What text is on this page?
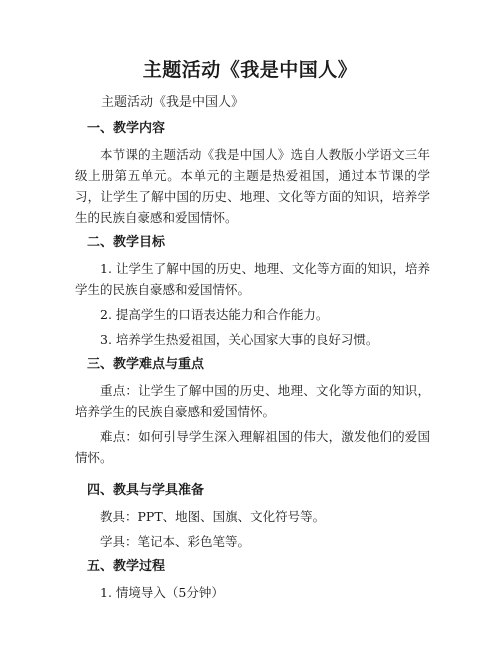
主题活动《我是中国人》
主题活动《我是中国人》
一、教学内容
本节课的主题活动《我是中国人》选自人教版小学语文三年级上册第五单元。本单元的主题是热爱祖国，通过本节课的学习，让学生了解中国的历史、地理、文化等方面的知识，培养学生的民族自豪感和爱国情怀。
二、教学目标
1. 让学生了解中国的历史、地理、文化等方面的知识，培养学生的民族自豪感和爱国情怀。
2. 提高学生的口语表达能力和合作能力。
3. 培养学生热爱祖国，关心国家大事的良好习惯。
三、教学难点与重点
重点：让学生了解中国的历史、地理、文化等方面的知识，培养学生的民族自豪感和爱国情怀。
难点：如何引导学生深入理解祖国的伟大，激发他们的爱国情怀。
四、教具与学具准备
教具：PPT、地图、国旗、文化符号等。
学具：笔记本、彩色笔等。
五、教学过程
1. 情境导入（5分钟）
